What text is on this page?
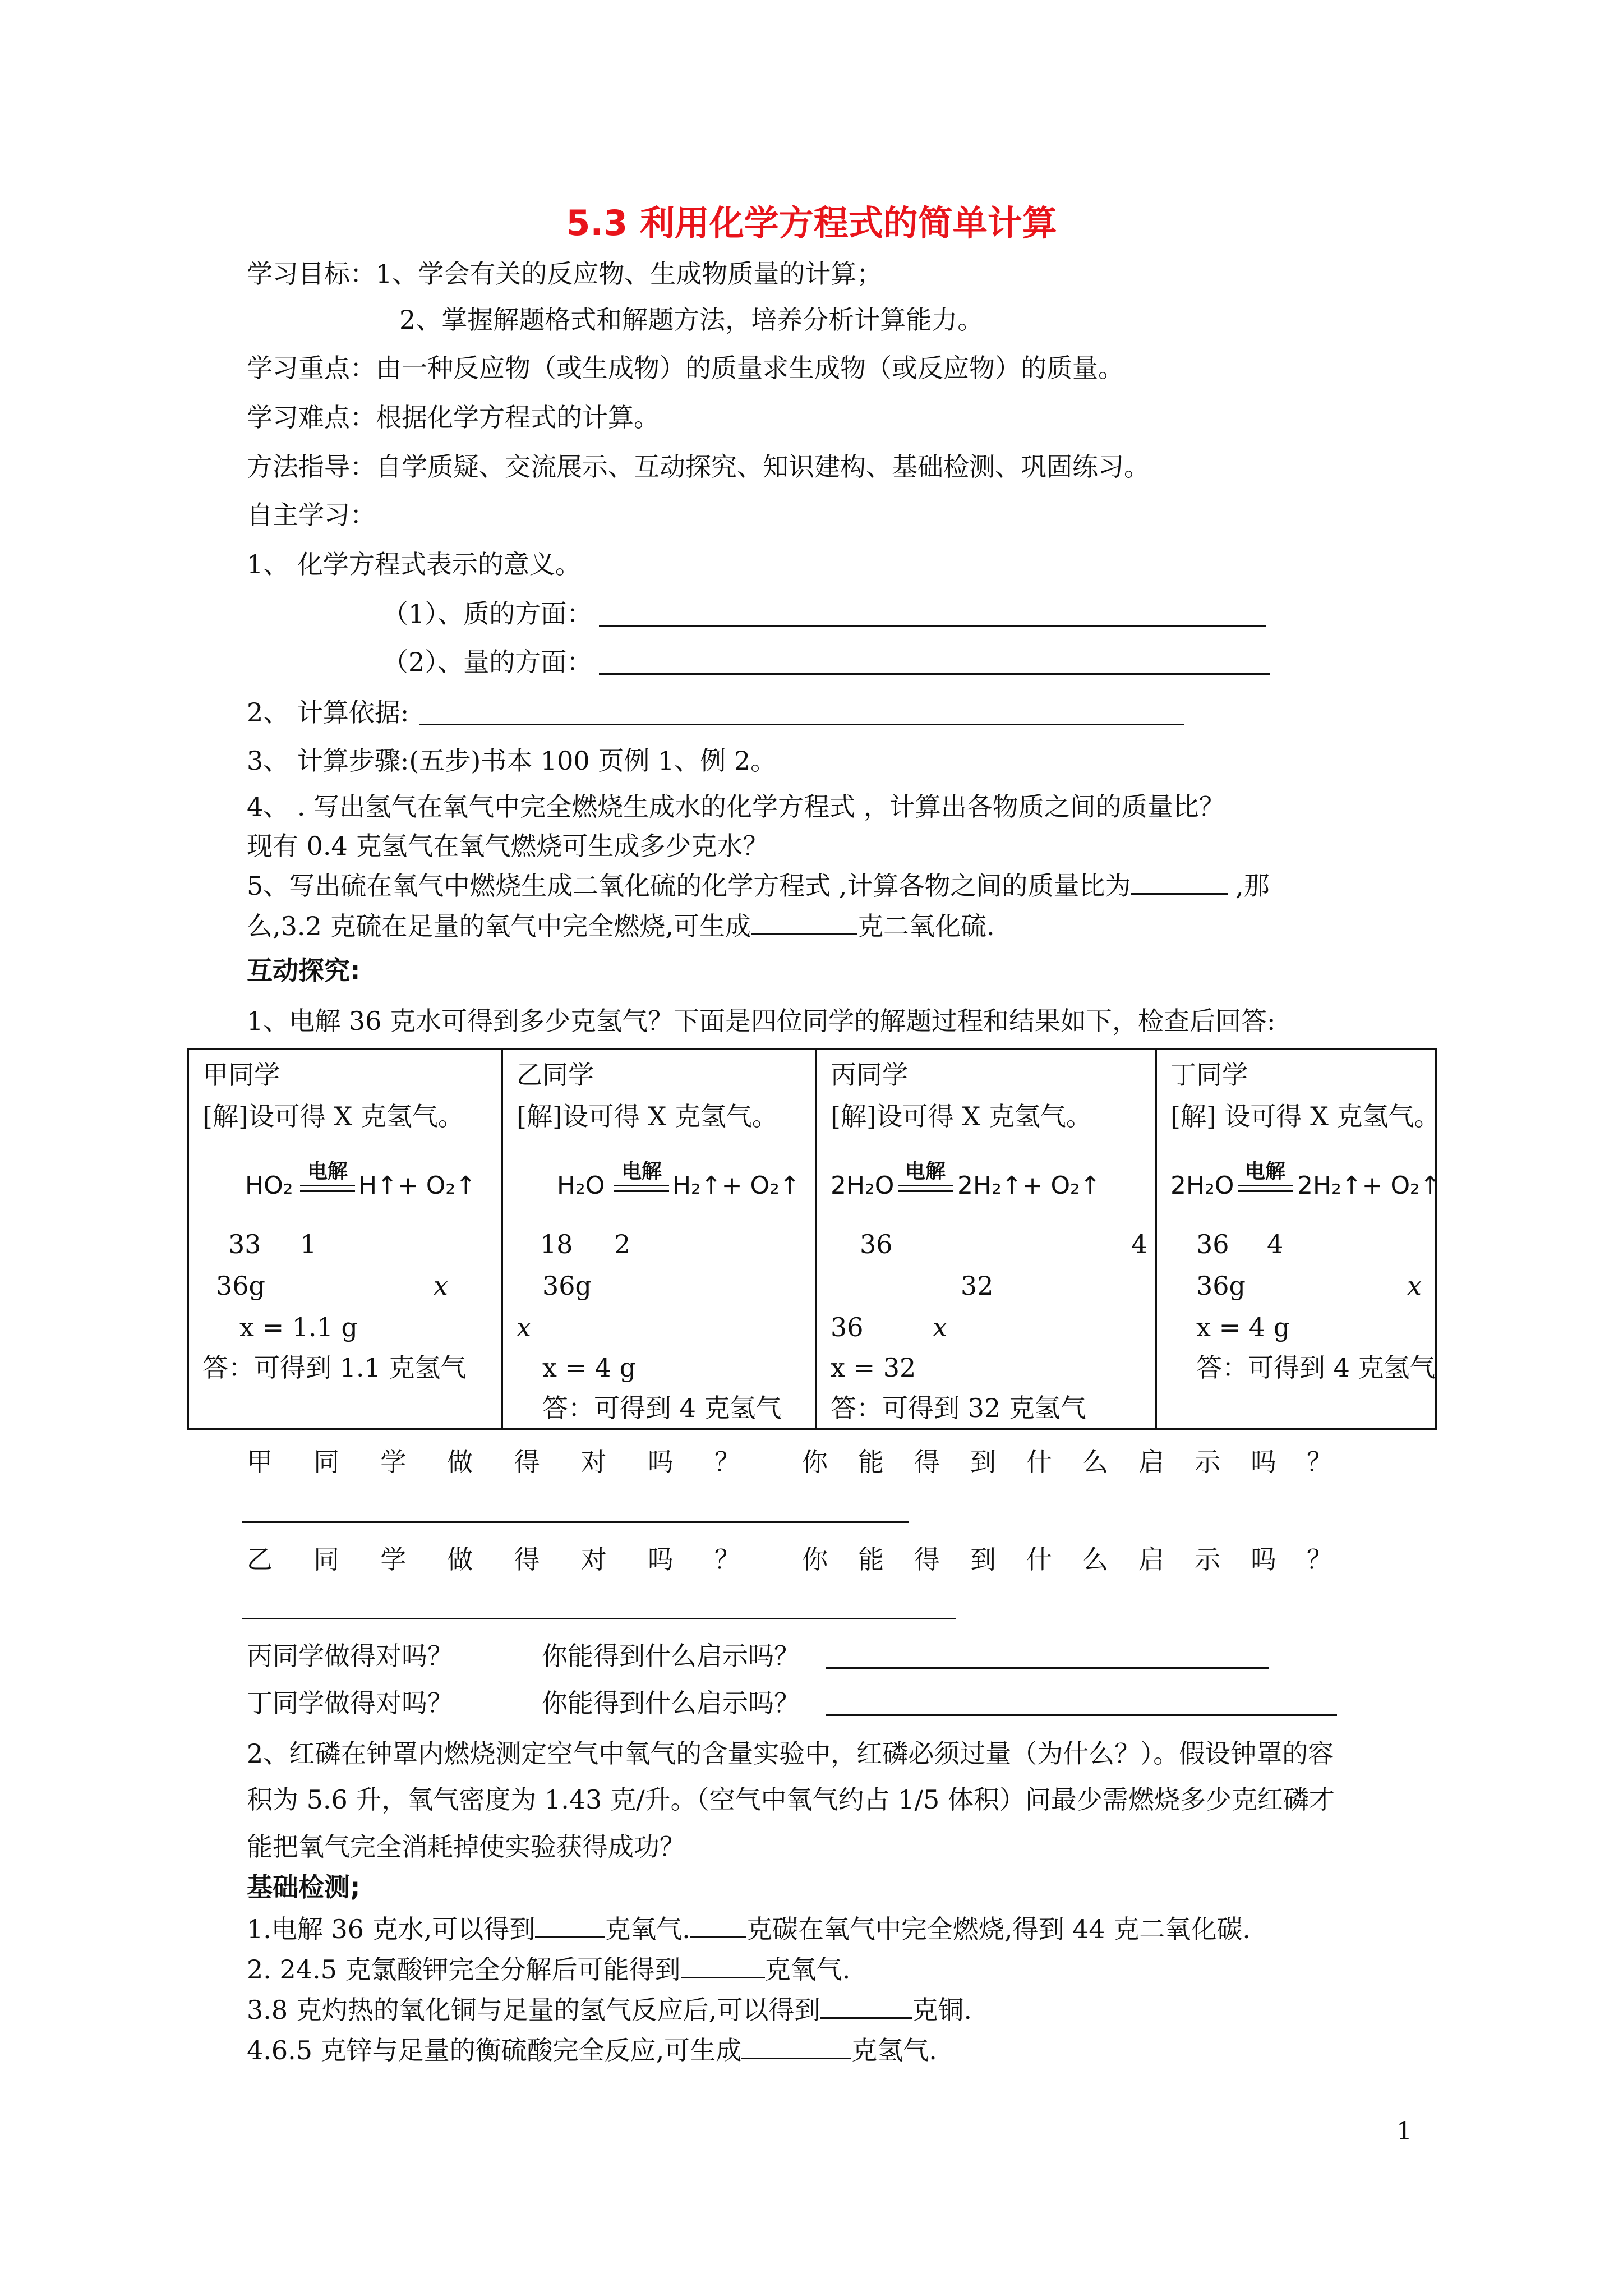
5.3 利用化学方程式的简单计算
学习目标：1、学会有关的反应物、生成物质量的计算；
2、掌握解题格式和解题方法，培养分析计算能力。
学习重点：由一种反应物（或生成物）的质量求生成物（或反应物）的质量。
学习难点：根据化学方程式的计算。
方法指导：自学质疑、交流展示、互动探究、知识建构、基础检测、巩固练习。
自主学习：
1、 化学方程式表示的意义。
（1）、质的方面：
（2）、量的方面：
2、 计算依据:
3、 计算步骤:(五步)书本 100 页例 1、例 2。
4、 . 写出氢气在氧气中完全燃烧生成水的化学方程式 ，计算出各物质之间的质量比？
现有 0.4 克氢气在氧气燃烧可生成多少克水？
5、写出硫在氧气中燃烧生成二氧化硫的化学方程式 ,计算各物之间的质量比为	,那
么,3.2 克硫在足量的氧气中完全燃烧,可生成	克二氧化硫.
互动探究:
1、电解 36 克水可得到多少克氢气？下面是四位同学的解题过程和结果如下，检查后回答:
甲同学
[解]设可得 X 克氢气。
HO₂ 电解 H↑+ O₂↑
33 1
36g	x
x = 1.1 g
答：可得到 1.1 克氢气
乙同学
[解]设可得 X 克氢气。
H₂O 电解 H₂↑+ O₂↑
18 2
36g
x
x = 4 g
答：可得到 4 克氢气
丙同学
[解]设可得 X 克氢气。
2H₂O 电解 2H₂↑+ O₂↑
36	4
32
36	x
x = 32
答：可得到 32 克氢气
丁同学
[解] 设可得 X 克氢气。
2H₂O 电解 2H₂↑+ O₂↑
36 4
36g	x
x = 4 g
答：可得到 4 克氢气
甲 同 学 做 得 对 吗 ？ 你 能 得 到 什 么 启 示 吗 ？
乙 同 学 做 得 对 吗 ？ 你 能 得 到 什 么 启 示 吗 ？
丙同学做得对吗？	你能得到什么启示吗？
丁同学做得对吗？	你能得到什么启示吗？
2、红磷在钟罩内燃烧测定空气中氧气的含量实验中，红磷必须过量（为什么？）。假设钟罩的容
积为 5.6 升，氧气密度为 1.43 克/升。（空气中氧气约占 1/5 体积）问最少需燃烧多少克红磷才
能把氧气完全消耗掉使实验获得成功？
基础检测;
1.电解 36 克水,可以得到	克氧气. 克碳在氧气中完全燃烧,得到 44 克二氧化碳.
2. 24.5 克氯酸钾完全分解后可能得到	克氧气.
3.8 克灼热的氧化铜与足量的氢气反应后,可以得到	克铜.
4.6.5 克锌与足量的衡硫酸完全反应,可生成	克氢气.
1
